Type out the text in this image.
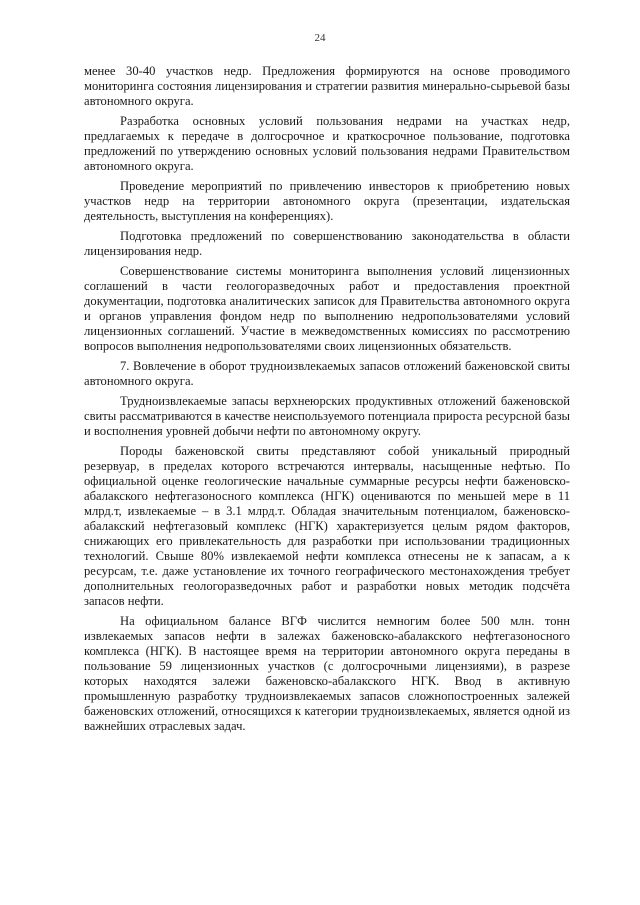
24

менее 30-40 участков недр. Предложения формируются на основе проводимого мониторинга состояния лицензирования и стратегии развития минерально-сырьевой базы автономного округа.

Разработка основных условий пользования недрами на участках недр, предлагаемых к передаче в долгосрочное и краткосрочное пользование, подготовка предложений по утверждению основных условий пользования недрами Правительством автономного округа.

Проведение мероприятий по привлечению инвесторов к приобретению новых участков недр на территории автономного округа (презентации, издательская деятельность, выступления на конференциях).

Подготовка предложений по совершенствованию законодательства в области лицензирования недр.

Совершенствование системы мониторинга выполнения условий лицензионных соглашений в части геологоразведочных работ и предоставления проектной документации, подготовка аналитических записок для Правительства автономного округа и органов управления фондом недр по выполнению недропользователями условий лицензионных соглашений. Участие в межведомственных комиссиях по рассмотрению вопросов выполнения недропользователями своих лицензионных обязательств.

7. Вовлечение в оборот трудноизвлекаемых запасов отложений баженовской свиты автономного округа.

Трудноизвлекаемые запасы верхнеюрских продуктивных отложений баженовской свиты рассматриваются в качестве неиспользуемого потенциала прироста ресурсной базы и восполнения уровней добычи нефти по автономному округу.

Породы баженовской свиты представляют собой уникальный природный резервуар, в пределах которого встречаются интервалы, насыщенные нефтью. По официальной оценке геологические начальные суммарные ресурсы нефти баженовско-абалакского нефтегазоносного комплекса (НГК) оцениваются по меньшей мере в 11 млрд.т, извлекаемые – в 3.1 млрд.т. Обладая значительным потенциалом, баженовско-абалакский нефтегазовый комплекс (НГК) характеризуется целым рядом факторов, снижающих его привлекательность для разработки при использовании традиционных технологий. Свыше 80% извлекаемой нефти комплекса отнесены не к запасам, а к ресурсам, т.е. даже установление их точного географического местонахождения требует дополнительных геологоразведочных работ и разработки новых методик подсчёта запасов нефти.

На официальном балансе ВГФ числится немногим более 500 млн. тонн извлекаемых запасов нефти в залежах баженовско-абалакского нефтегазоносного комплекса (НГК). В настоящее время на территории автономного округа переданы в пользование 59 лицензионных участков (с долгосрочными лицензиями), в разрезе которых находятся залежи баженовско-абалакского НГК. Ввод в активную промышленную разработку трудноизвлекаемых запасов сложнопостроенных залежей баженовских отложений, относящихся к категории трудноизвлекаемых, является одной из важнейших отраслевых задач.
